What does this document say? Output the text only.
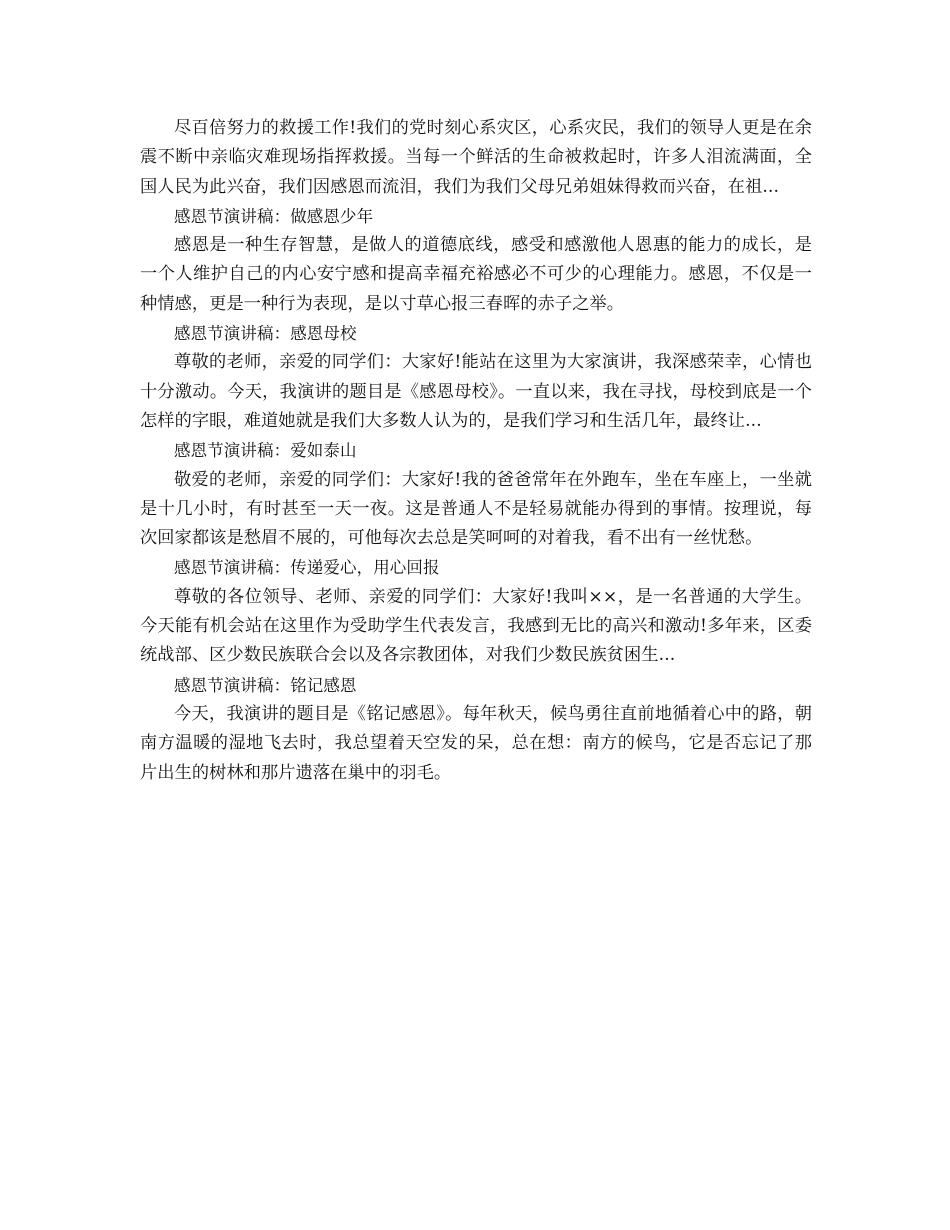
尽百倍努力的救援工作!我们的党时刻心系灾区，心系灾民，我们的领导人更是在余震不断中亲临灾难现场指挥救援。当每一个鲜活的生命被救起时，许多人泪流满面，全国人民为此兴奋，我们因感恩而流泪，我们为我们父母兄弟姐妹得救而兴奋，在祖...

感恩节演讲稿：做感恩少年

感恩是一种生存智慧，是做人的道德底线，感受和感激他人恩惠的能力的成长，是一个人维护自己的内心安宁感和提高幸福充裕感必不可少的心理能力。感恩，不仅是一种情感，更是一种行为表现，是以寸草心报三春晖的赤子之举。

感恩节演讲稿：感恩母校

尊敬的老师，亲爱的同学们：大家好!能站在这里为大家演讲，我深感荣幸，心情也十分激动。今天，我演讲的题目是《感恩母校》。一直以来，我在寻找，母校到底是一个怎样的字眼，难道她就是我们大多数人认为的，是我们学习和生活几年，最终让...

感恩节演讲稿：爱如泰山

敬爱的老师，亲爱的同学们：大家好!我的爸爸常年在外跑车，坐在车座上，一坐就是十几小时，有时甚至一天一夜。这是普通人不是轻易就能办得到的事情。按理说，每次回家都该是愁眉不展的，可他每次去总是笑呵呵的对着我，看不出有一丝忧愁。

感恩节演讲稿：传递爱心，用心回报

尊敬的各位领导、老师、亲爱的同学们：大家好!我叫××，是一名普通的大学生。今天能有机会站在这里作为受助学生代表发言，我感到无比的高兴和激动!多年来，区委统战部、区少数民族联合会以及各宗教团体，对我们少数民族贫困生...

感恩节演讲稿：铭记感恩

今天，我演讲的题目是《铭记感恩》。每年秋天，候鸟勇往直前地循着心中的路，朝南方温暖的湿地飞去时，我总望着天空发的呆，总在想：南方的候鸟，它是否忘记了那片出生的树林和那片遗落在巢中的羽毛。
